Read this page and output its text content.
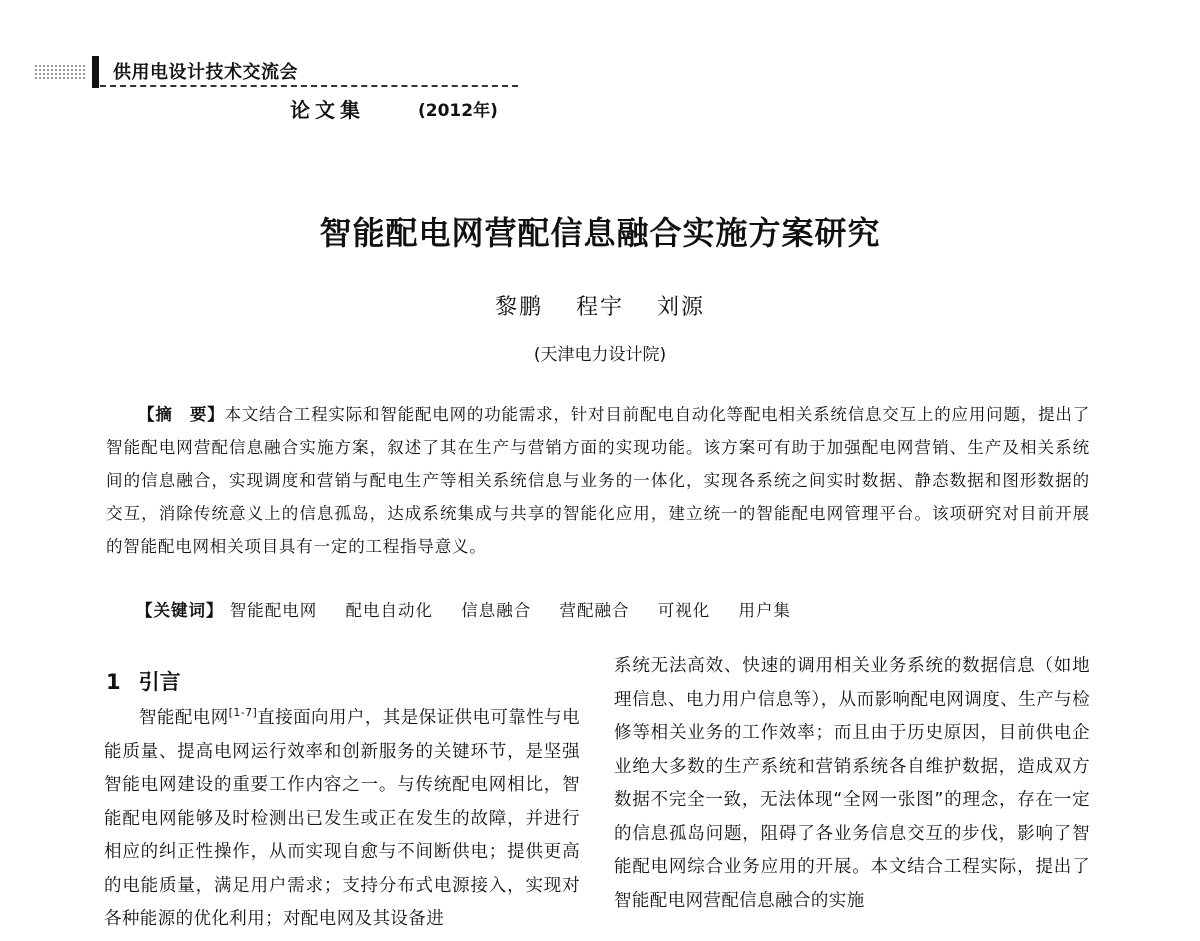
供用电设计技术交流会
论文集	(2012年)
智能配电网营配信息融合实施方案研究
黎鹏 程宇 刘源
(天津电力设计院)
【摘　要】本文结合工程实际和智能配电网的功能需求，针对目前配电自动化等配电相关系统信息交互上的应用问题，提出了智能配电网营配信息融合实施方案，叙述了其在生产与营销方面的实现功能。该方案可有助于加强配电网营销、生产及相关系统间的信息融合，实现调度和营销与配电生产等相关系统信息与业务的一体化，实现各系统之间实时数据、静态数据和图形数据的交互，消除传统意义上的信息孤岛，达成系统集成与共享的智能化应用，建立统一的智能配电网管理平台。该项研究对目前开展的智能配电网相关项目具有一定的工程指导意义。
【关键词】 智能配电网 配电自动化 信息融合 营配融合 可视化 用户集
1 引言
智能配电网[1-7]直接面向用户，其是保证供电可靠性与电能质量、提高电网运行效率和创新服务的关键环节，是坚强智能电网建设的重要工作内容之一。与传统配电网相比，智能配电网能够及时检测出已发生或正在发生的故障，并进行相应的纠正性操作，从而实现自愈与不间断供电；提供更高的电能质量，满足用户需求；支持分布式电源接入，实现对各种能源的优化利用；对配电网及其设备进
系统无法高效、快速的调用相关业务系统的数据信息（如地理信息、电力用户信息等），从而影响配电网调度、生产与检修等相关业务的工作效率；而且由于历史原因，目前供电企业绝大多数的生产系统和营销系统各自维护数据，造成双方数据不完全一致，无法体现“全网一张图”的理念，存在一定的信息孤岛问题，阻碍了各业务信息交互的步伐，影响了智能配电网综合业务应用的开展。本文结合工程实际，提出了智能配电网营配信息融合的实施
